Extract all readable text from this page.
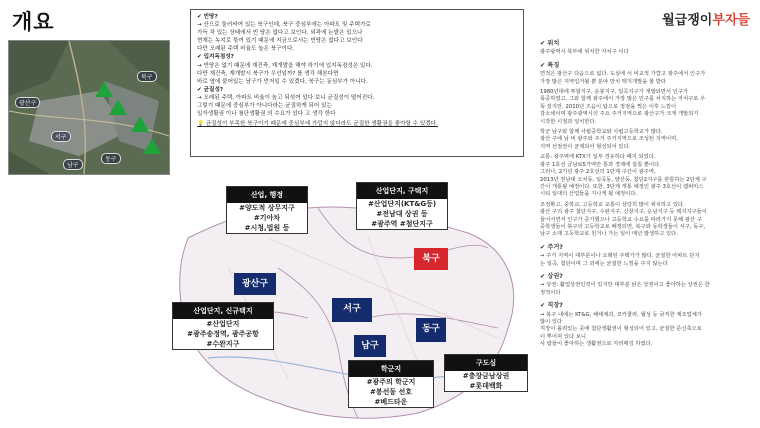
개요	월급쟁이부자들
광산구
북구
서구
남구
동구
✔ 빈땅?
→ 산으로 둘러싸여 있는 북구인데, 북구 중심부에는 아파트 및 주택가로
가득 차 있는 상태에서 빈 땅은 없다고 보인다. 외곽에 논밭은 있으나
현재는 녹지로 묶여 있기 때문에 지금으로서는 빈땅은 없다고 보인다
다만 오래된 주택 비율도 높은 북구이다.
✔ 입지독점성?
→ 빈땅은 없기 때문에 재건축, 재개발을 해야 하기에 입지독점성은 있다.
다만 재건축, 재개발시 북구가 우선일까? 를 생각 해본다면
바로 옆에 붙어있는 남구가 먼저일 수 있겠다, 북구는 동심부가 아니다.
✔ 균질성?
→ 오래된 주택, 아파트 비율이 높고 뒤섞여 있다 보니 균질성이 떨어진다.
그렇기 때문에 중심부가 아니다라는 균질하게 되어 있는
일자생활권 이나 첨단생활권 의 수요가 있다 고 생각 한다
💡 균질성이 부족한 북구이기 때문에 중심부에 가깝지 않더라도 균질한 생활권을 좋아할 수 있겠다.
산업, 행정
#양도적 상무지구
#기아차
#시청,법원 등
산업단지, 구택지
#산업단지(KT&G등)
#전남대 상권 등
#광주역 #첨단지구
북구
광산구
산업단지, 신규택지
#산업단지
#광주송정역, 광주공항
#수완지구
서구
동구
남구
학군지
#광주의 학군지
#봉선동 선호
#베드타운
구도심
#충장금남상권
#롯데백화
✔ 위치

광주광역시 북부에 위치한 자치구 이다

✔ 특징

면적은 광산구 다음으로 넓다. 도심에 서 비교적 가깝고 광주에서 인구가
가장 많은 지역입거될 뿐 분야 만치 택지개발을 할 받다

1980년대에 투합지구, 운봉지구, 일곡지구가 개발되면서 인구가
폭증하였고, 그와 함께 광주에서 가장 많은 인구를 차지하는 자치구로 우
뚝 섰지만, 2010년 즈음이 탐으로 정점을 찍은 이후 느낌이
감소세이며 광주광역시의 주요 주거지역으로 광산구가 크게 개발되기
시작한 시점과 일치한다.

학군 남구와 함께 사립중학교와 사립고등학교가 많다.
광산 구에 남 비 광주와 주거 주거지역으로 조성된 지역이며,
지역 선점권이 균제되어 형성되어 있다.

교통: 광주역에 KTX가 일부 경유하다 폐지 되었다.
광주 1호선 금남로5가역만 통과 경제에 걸칠 뿐이다.
그러나, 2기년 광주 2호선의 1단계 구간이 광주역,
2013년 전남대 오치동, 일곡동, 양산동, 첨단2지구를 관통하는 2단계 구
간이 개통될 예정이다. 또한, 3단계 개통 예정인 광주 3호선이 캠퍼미스
시티 일대의 산업들을 지나게 될 예정이다.

조정확고, 중학교, 고등학교 교통이 상당히 많이 위치하고 있다.
광산 구의 광주 첨단지구, 수완지구, 신창지구, 운남지구 등 택지지구들이
들어서면서 인구가 증가했으나 고등학교 수요를 따라가지 못해 광산 구
중학생들이 북구의 고등학교로 배정되면, 북구와 동학생들이 서구, 동구,
남구 소재 고등학교로 원거나 가는 일이 매년 발생하고 있다.

✔ 주거?

→ 주거 지역이 대부분이나 오래된 주택가가 많다. 균질한 아파트 단지
는 일곡, 첨단이며 그 외에는 균질한 느낌을 주지 않는다

✔ 상권?

→ 상권: 활업상권인것이 있지만 대부분 낡은 상권이고 좋아하는 상권은 한
정적이다

✔ 직장?

→ 북구 내에는 KT&G, 해태제과, 코카콜라, 월성 등 굵직한 제조업체가
많이 있다
직장이 몰려있는 곳에 첨단생활권이 형성되어 있고, 균질한 준신축으로
이 뿌어져 있다 보니
사 람들이 좋아하는 생활권으로 자리매김 하였다.
